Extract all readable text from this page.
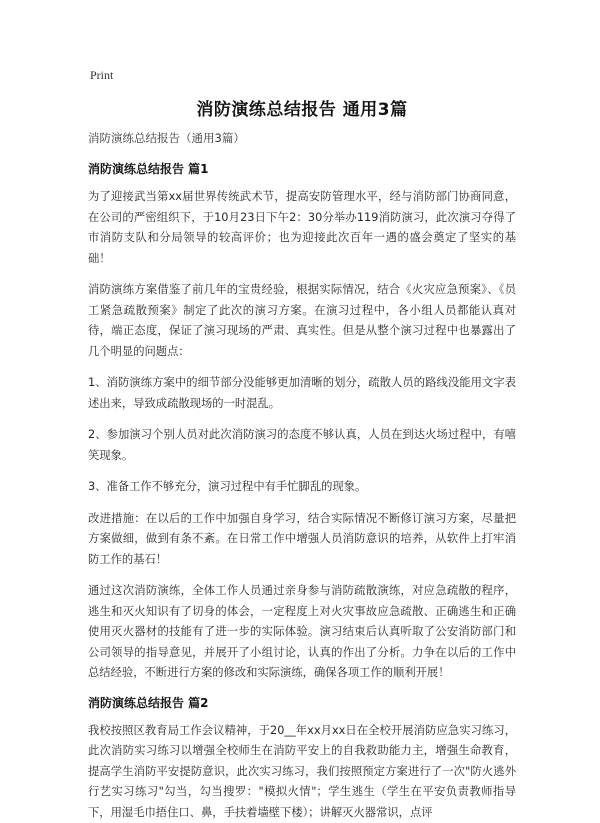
Print
消防演练总结报告 通用3篇
消防演练总结报告（通用3篇）
消防演练总结报告 篇1

为了迎接武当第xx届世界传统武术节，提高安防管理水平，经与消防部门协商同意，在公司的严密组织下，于10月23日下午2：30分举办119消防演习，此次演习夺得了市消防支队和分局领导的较高评价；也为迎接此次百年一遇的盛会奠定了坚实的基础！

消防演练方案借鉴了前几年的宝贵经验，根据实际情况，结合《火灾应急预案》、《员工紧急疏散预案》制定了此次的演习方案。在演习过程中，各小组人员都能认真对待，端正态度，保证了演习现场的严肃、真实性。但是从整个演习过程中也暴露出了几个明显的问题点：

1、消防演练方案中的细节部分没能够更加清晰的划分，疏散人员的路线没能用文字表述出来，导致成疏散现场的一时混乱。

2、参加演习个别人员对此次消防演习的态度不够认真，人员在到达火场过程中，有嘻笑现象。

3、准备工作不够充分，演习过程中有手忙脚乱的现象。

改进措施：在以后的工作中加强自身学习，结合实际情况不断修订演习方案，尽量把方案做细，做到有条不紊。在日常工作中增强人员消防意识的培养，从软件上打牢消防工作的基石！

通过这次消防演练，全体工作人员通过亲身参与消防疏散演练，对应急疏散的程序，逃生和灭火知识有了切身的体会，一定程度上对火灾事故应急疏散、正确逃生和正确使用灭火器材的技能有了进一步的实际体验。演习结束后认真听取了公安消防部门和公司领导的指导意见，并展开了小组讨论，认真的作出了分析。力争在以后的工作中总结经验，不断进行方案的修改和实际演练，确保各项工作的顺利开展！

消防演练总结报告 篇2

我校按照区教育局工作会议精神，于20__年xx月xx日在全校开展消防应急实习练习，此次消防实习练习以增强全校师生在消防平安上的自我救助能力主，增强生命教育，提高学生消防平安提防意识，此次实习练习，我们按照预定方案进行了一次"防火逃外行艺实习练习"勾当，勾当搜罗："模拟火情"；学生逃生（学生在平安负责教师指导下，用湿毛巾捂住口、鼻，手扶着墙壁下楼）；讲解灭火器常识，点评
